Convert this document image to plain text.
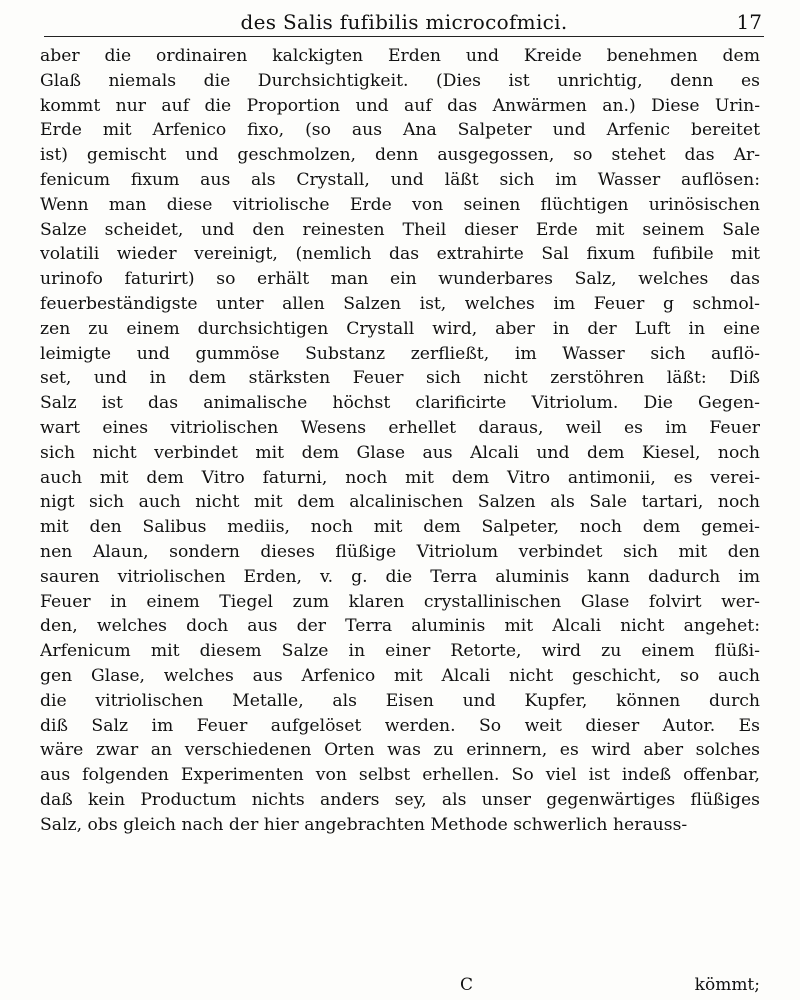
des Salis fufibilis microcofmici.	17
aber die ordinairen kalckigten Erden und Kreide benehmen dem
Glaß niemals die Durchsichtigkeit. (Dies ist unrichtig, denn es
kommt nur auf die Proportion und auf das Anwärmen an.) Diese Urin-
Erde mit Arfenico fixo, (so aus Ana Salpeter und Arfenic bereitet
ist) gemischt und geschmolzen, denn ausgegossen, so stehet das Ar-
fenicum fixum aus als Crystall, und läßt sich im Wasser auflösen:
Wenn man diese vitriolische Erde von seinen flüchtigen urinösischen
Salze scheidet, und den reinesten Theil dieser Erde mit seinem Sale
volatili wieder vereinigt, (nemlich das extrahirte Sal fixum fufibile mit
urinofo faturirt) so erhält man ein wunderbares Salz, welches das
feuerbeständigste unter allen Salzen ist, welches im Feuer g schmol-
zen zu einem durchsichtigen Crystall wird, aber in der Luft in eine
leimigte und gummöse Substanz zerfließt, im Wasser sich auflö-
set, und in dem stärksten Feuer sich nicht zerstöhren läßt: Diß
Salz ist das animalische höchst clarificirte Vitriolum. Die Gegen-
wart eines vitriolischen Wesens erhellet daraus, weil es im Feuer
sich nicht verbindet mit dem Glase aus Alcali und dem Kiesel, noch
auch mit dem Vitro faturni, noch mit dem Vitro antimonii, es verei-
nigt sich auch nicht mit dem alcalinischen Salzen als Sale tartari, noch
mit den Salibus mediis, noch mit dem Salpeter, noch dem gemei-
nen Alaun, sondern dieses flüßige Vitriolum verbindet sich mit den
sauren vitriolischen Erden, v. g. die Terra aluminis kann dadurch im
Feuer in einem Tiegel zum klaren crystallinischen Glase folvirt wer-
den, welches doch aus der Terra aluminis mit Alcali nicht angehet:
Arfenicum mit diesem Salze in einer Retorte, wird zu einem flüßi-
gen Glase, welches aus Arfenico mit Alcali nicht geschicht, so auch
die vitriolischen Metalle, als Eisen und Kupfer, können durch
diß Salz im Feuer aufgelöset werden. So weit dieser Autor. Es
wäre zwar an verschiedenen Orten was zu erinnern, es wird aber solches
aus folgenden Experimenten von selbst erhellen. So viel ist indeß offenbar,
daß kein Productum nichts anders sey, als unser gegenwärtiges flüßiges
Salz, obs gleich nach der hier angebrachten Methode schwerlich herauss-
C	kömmt;
